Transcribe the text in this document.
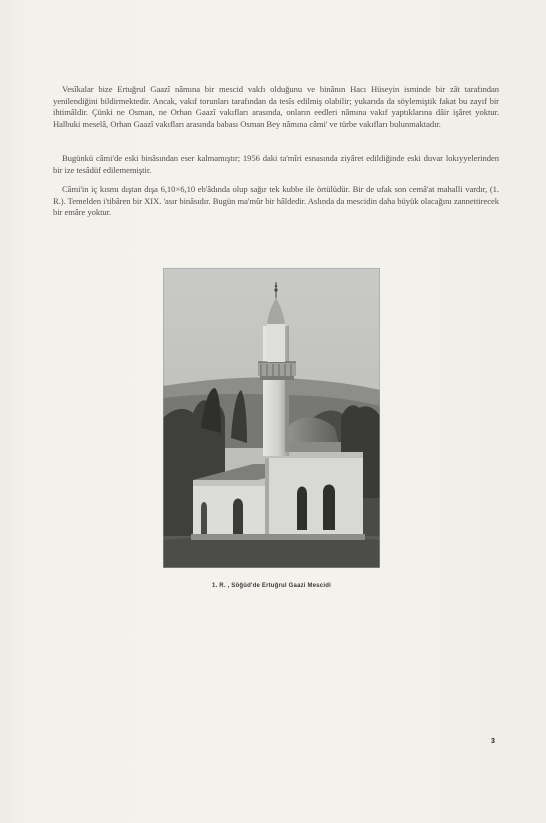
Vesîkalar bize Ertuğrul Gaazî nâmına bir mescid vakfı olduğunu ve binânın Hacı Hüseyin isminde bir zât tarafından yenilendiğini bildirmektedir. Ancak, vakıf torunları tarafından da tesîs edilmiş olabilir; yukarıda da söylemiştik fakat bu zayıf bir ihtimâldir. Çünki ne Osman, ne Orhan Gaazî vakıfları arasında, onların eedleri nâmına vakıf yaptıklarına dâir işâret yoktur. Halbuki meselâ, Orhan Gaazî vakıfları arasında babası Osman Bey nâmına câmi' ve türbe vakıfları bulunmaktadır.

Bugünkü câmi'de eski binâsından eser kalmamıştır; 1956 daki ta'mîri esnasında ziyâret edildiğinde eski duvar lokıyyelerinden bir ize tesâdüf edilememiştir.

Câmi'in iç kısmı dıştan dışa 6,10×6,10 eb'âdında olup sağır tek kubbe ile örtülüdür. Bir de ufak son cemâ'at mahalli vardır, (1. R.). Temelden i'tibâren bir XIX. 'asır binâsıdır. Bugün ma'mûr bir hâldedir. Aslında da mescidin daha büyük olacağını zannettirecek bir emâre yoktur.

1. R. , Söğüd'de Ertuğrul Gaazi Mescidi
3
